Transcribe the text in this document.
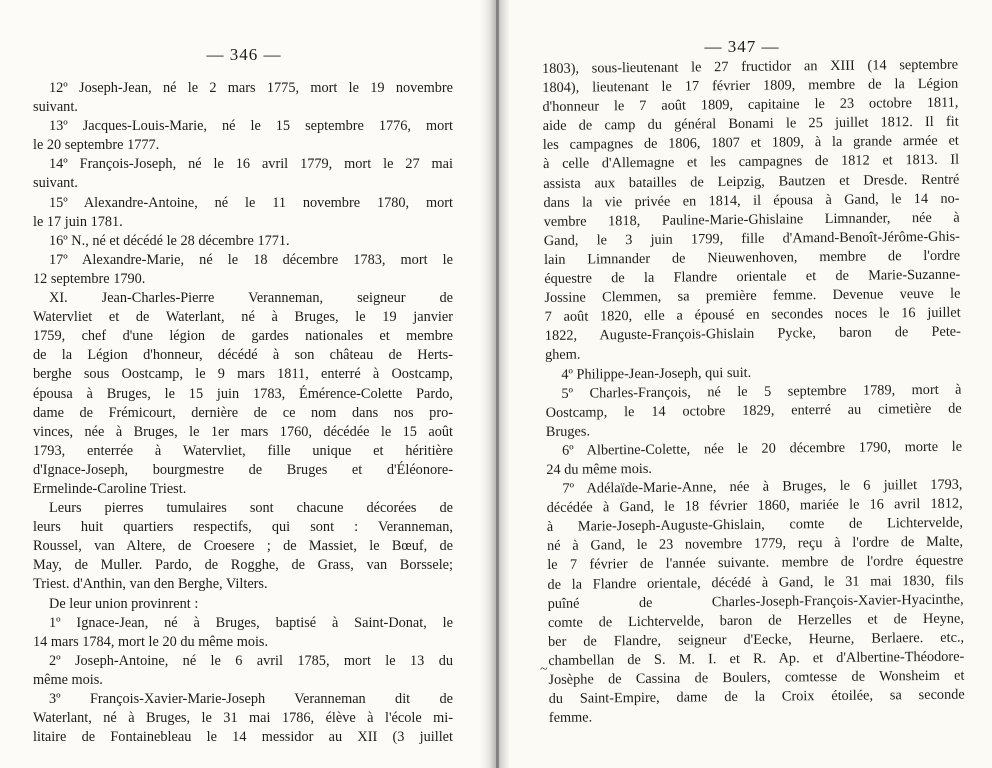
— 346 —
12º Joseph-Jean, né le 2 mars 1775, mort le 19 novembre
suivant.
13º Jacques-Louis-Marie, né le 15 septembre 1776, mort
le 20 septembre 1777.
14º François-Joseph, né le 16 avril 1779, mort le 27 mai
suivant.
15º Alexandre-Antoine, né le 11 novembre 1780, mort
le 17 juin 1781.
16º N., né et décédé le 28 décembre 1771.
17º Alexandre-Marie, né le 18 décembre 1783, mort le
12 septembre 1790.
XI. Jean-Charles-Pierre Veranneman, seigneur de
Watervliet et de Waterlant, né à Bruges, le 19 janvier
1759, chef d'une légion de gardes nationales et membre
de la Légion d'honneur, décédé à son château de Herts-
berghe sous Oostcamp, le 9 mars 1811, enterré à Oostcamp,
épousa à Bruges, le 15 juin 1783, Émérence-Colette Pardo,
dame de Frémicourt, dernière de ce nom dans nos pro-
vinces, née à Bruges, le 1er mars 1760, décédée le 15 août
1793, enterrée à Watervliet, fille unique et héritière
d'Ignace-Joseph, bourgmestre de Bruges et d'Éléonore-
Ermelinde-Caroline Triest.
Leurs pierres tumulaires sont chacune décorées de
leurs huit quartiers respectifs, qui sont : Veranneman,
Roussel, van Altere, de Croesere ; de Massiet, le Bœuf, de
May, de Muller. Pardo, de Rogghe, de Grass, van Borsselе;
Triest. d'Anthin, van den Berghe, Vilters.
De leur union provinrent :
1º Ignace-Jean, né à Bruges, baptisé à Saint-Donat, le
14 mars 1784, mort le 20 du même mois.
2º Joseph-Antoine, né le 6 avril 1785, mort le 13 du
même mois.
3º François-Xavier-Marie-Joseph Veranneman dit de
Waterlant, né à Bruges, le 31 mai 1786, élève à l'école mi-
litaire de Fontainebleau le 14 messidor au XII (3 juillet
— 347 —
1803), sous-lieutenant le 27 fructidor an XIII (14 septembre
1804), lieutenant le 17 février 1809, membre de la Légion
d'honneur le 7 août 1809, capitaine le 23 octobre 1811,
aide de camp du général Bonami le 25 juillet 1812. Il fit
les campagnes de 1806, 1807 et 1809, à la grande armée et
à celle d'Allemagne et les campagnes de 1812 et 1813. Il
assista aux batailles de Leipzig, Bautzen et Dresde. Rentré
dans la vie privée en 1814, il épousa à Gand, le 14 no-
vembre 1818, Pauline-Marie-Ghislaine Limnander, née à
Gand, le 3 juin 1799, fille d'Amand-Benoît-Jérôme-Ghis-
lain Limnander de Nieuwenhoven, membre de l'ordre
équestre de la Flandre orientale et de Marie-Suzanne-
Jossine Clemmen, sa première femme. Devenue veuve le
7 août 1820, elle a épousé en secondes noces le 16 juillet
1822, Auguste-François-Ghislain Pycke, baron de Pete-
ghem.
4º Philippe-Jean-Joseph, qui suit.
5º Charles-François, né le 5 septembre 1789, mort à
Oostcamp, le 14 octobre 1829, enterré au cimetière de
Bruges.
6º Albertine-Colette, née le 20 décembre 1790, morte le
24 du même mois.
7º Adélaïde-Marie-Anne, née à Bruges, le 6 juillet 1793,
décédée à Gand, le 18 février 1860, mariée le 16 avril 1812,
à Marie-Joseph-Auguste-Ghislain, comte de Lichtervelde,
né à Gand, le 23 novembre 1779, reçu à l'ordre de Malte,
le 7 février de l'année suivante. membre de l'ordre équestre
de la Flandre orientale, décédé à Gand, le 31 mai 1830, fils
puîné de Charles-Joseph-François-Xavier-Hyacinthe,
comte de Lichtervelde, baron de Herzelles et de Heyne,
ber de Flandre, seigneur d'Eecke, Heurne, Berlaere. etc.,
chambellan de S. M. I. et R. Ap. et d'Albertine-Théodore-
Josèphe de Cassina de Boulers, comtesse de Wonsheim et
du Saint-Empire, dame de la Croix étoilée, sa seconde
femme.
~
